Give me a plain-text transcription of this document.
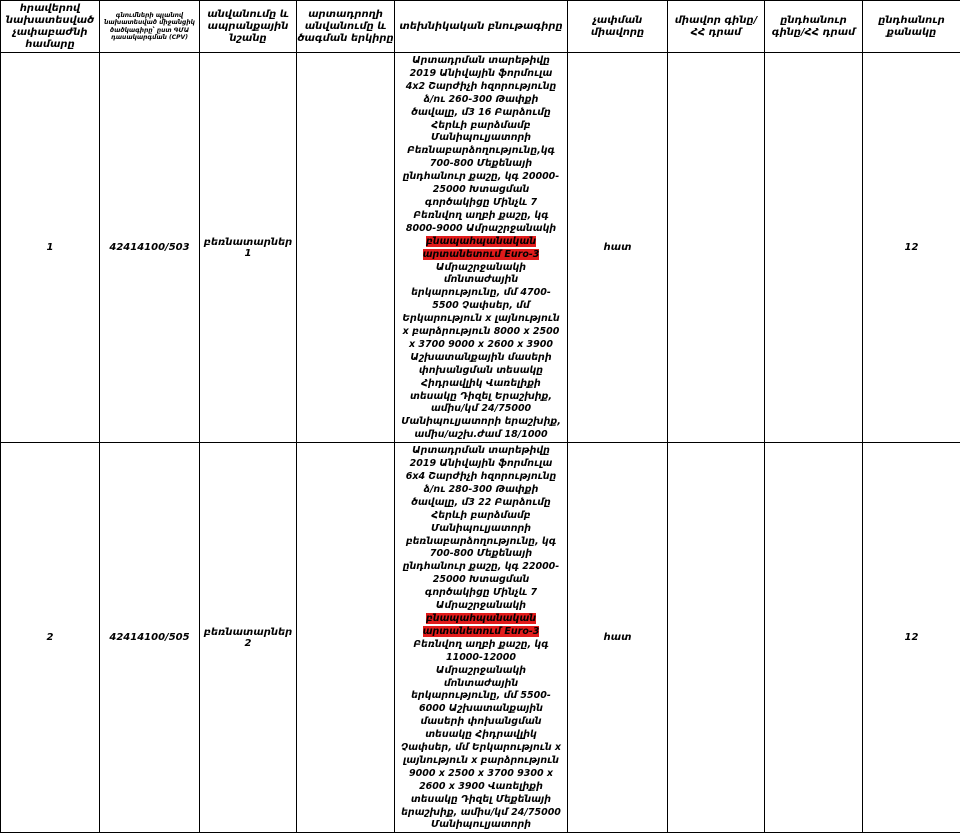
հրավերով նախատեսված չափաբաժնի համարը	գնումների պլանով նախատեսված միջանցիկ ծածկագիրը՝ ըստ ԳՄԱ դասակարգման (CPV)	անվանումը և ապրանքային նշանը	արտադրողի անվանումը և ծագման երկիրը	տեխնիկական բնութագիրը	չափման միավորը	միավոր գինը/ՀՀ դրամ	ընդհանուր գինը/ՀՀ դրամ	ընդհանուր քանակը	
1	42414100/503	բեռնատարներ 1		Արտադրման տարեթիվը 2019 Անիվային ֆորմուլա 4x2 Շարժիչի հզորությունը ձ/ու 260-300 Թափքի ծավալը, մ3 16 Բարձումը Հերևի բարձմամբ Մանիպուլյատորի Բեռնաբարձողությունը,կգ 700-800 Մեքենայի ընդհանուր քաշը, կգ 20000-25000 Խտացման գործակիցը Մինչև 7 Բեռնվող աղբի քաշը, կգ 8000-9000 Ամրաշրջանակի բնապահպանական արտանետում Euro-3 Ամրաշրջանակի մոնտաժային երկարությունը, մմ 4700-5500 Չափսեր, մմ Երկարություն x լայնություն x բարձրություն 8000 x 2500 x 3700 9000 x 2600 x 3900 Աշխատանքային մասերի փոխանցման տեսակը Հիդրավլիկ Վառելիքի տեսակը Դիզել Երաշխիք, ամիս/կմ 24/75000 Մանիպուլյատորի երաշխիք, ամիս/աշխ.ժամ 18/1000	հատ			12	
2	42414100/505	բեռնատարներ 2		Արտադրման տարեթիվը 2019 Անիվային ֆորմուլա 6x4 Շարժիչի հզորությունը ձ/ու 280-300 Թափքի ծավալը, մ3 22 Բարձումը Հերևի բարձմամբ Մանիպուլյատորի բեռնաբարձողությունը, կգ 700-800 Մեքենայի ընդհանուր քաշը, կգ 22000-25000 Խտացման գործակիցը Մինչև 7 Ամրաշրջանակի բնապահպանական արտանետում Euro-3 Բեռնվող աղբի քաշը, կգ 11000-12000 Ամրաշրջանակի մոնտաժային երկարությունը, մմ 5500-6000 Աշխատանքային մասերի փոխանցման տեսակը Հիդրավլիկ Չափսեր, մմ Երկարություն x լայնություն x բարձրություն 9000 x 2500 x 3700 9300 x 2600 x 3900 Վառելիքի տեսակը Դիզել Մեքենայի երաշխիք, ամիս/կմ 24/75000 Մանիպուլյատորի	հատ			12	
